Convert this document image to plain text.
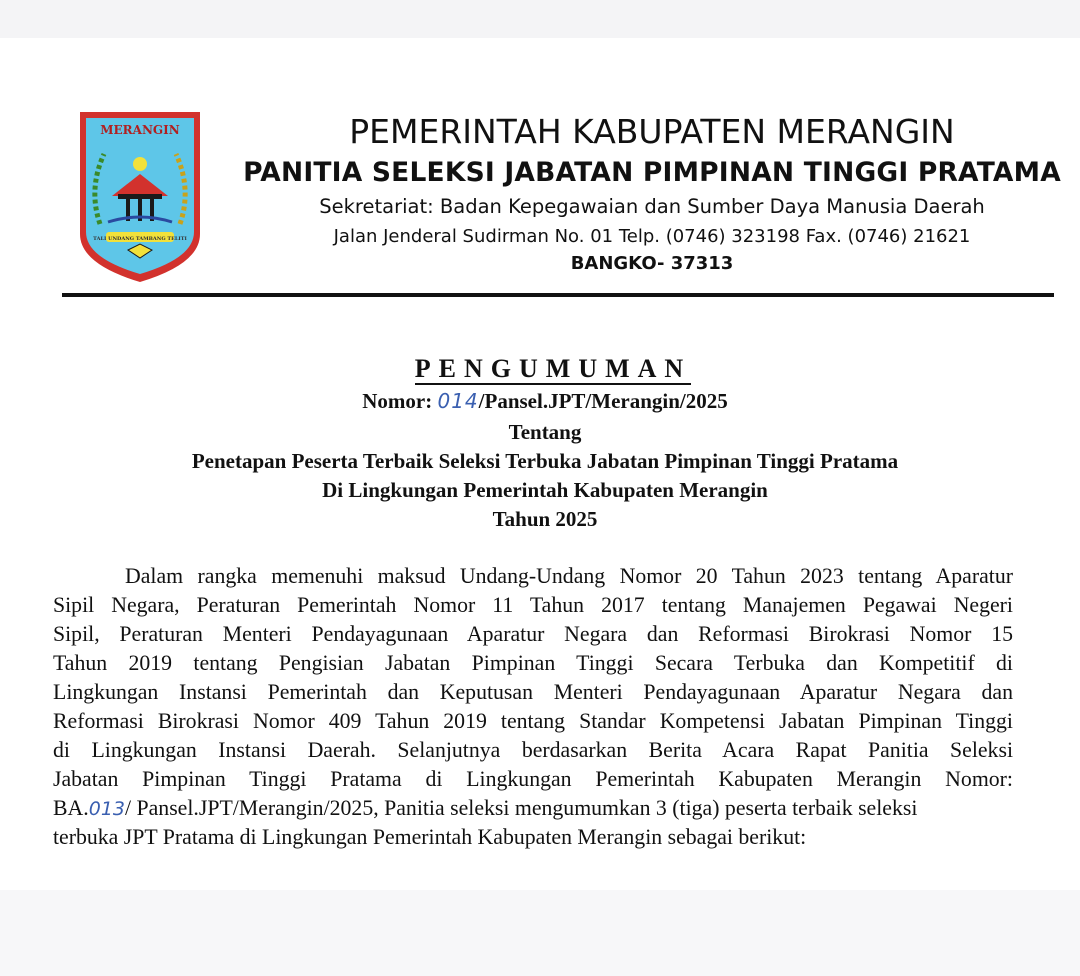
MERANGIN
TALI UNDANG TAMBANG TELITI
PEMERINTAH KABUPATEN MERANGIN
PANITIA SELEKSI JABATAN PIMPINAN TINGGI PRATAMA
Sekretariat: Badan Kepegawaian dan Sumber Daya Manusia Daerah
Jalan Jenderal Sudirman No. 01 Telp. (0746) 323198 Fax. (0746) 21621
BANGKO- 37313
PENGUMUMAN
Nomor: 014/Pansel.JPT/Merangin/2025
Tentang
Penetapan Peserta Terbaik Seleksi Terbuka Jabatan Pimpinan Tinggi Pratama
Di Lingkungan Pemerintah Kabupaten Merangin
Tahun 2025
Dalam rangka memenuhi maksud Undang-Undang Nomor 20 Tahun 2023 tentang Aparatur
Sipil Negara, Peraturan Pemerintah Nomor 11 Tahun 2017 tentang Manajemen Pegawai Negeri
Sipil, Peraturan Menteri Pendayagunaan Aparatur Negara dan Reformasi Birokrasi Nomor 15
Tahun 2019 tentang Pengisian Jabatan Pimpinan Tinggi Secara Terbuka dan Kompetitif di
Lingkungan Instansi Pemerintah dan Keputusan Menteri Pendayagunaan Aparatur Negara dan
Reformasi Birokrasi Nomor 409 Tahun 2019 tentang Standar Kompetensi Jabatan Pimpinan Tinggi
di Lingkungan Instansi Daerah. Selanjutnya berdasarkan Berita Acara Rapat Panitia Seleksi
Jabatan Pimpinan Tinggi Pratama di Lingkungan Pemerintah Kabupaten Merangin Nomor:
BA.013/ Pansel.JPT/Merangin/2025, Panitia seleksi mengumumkan 3 (tiga) peserta terbaik seleksi
terbuka JPT Pratama di Lingkungan Pemerintah Kabupaten Merangin sebagai berikut:
